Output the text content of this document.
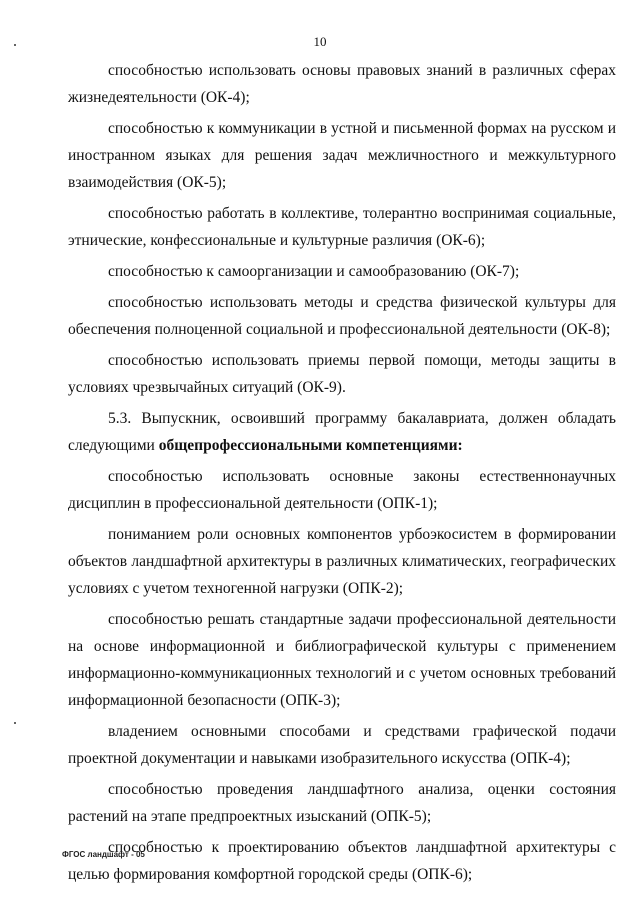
10

способностью использовать основы правовых знаний в различных сферах жизнедеятельности (ОК-4);

способностью к коммуникации в устной и письменной формах на русском и иностранном языках для решения задач межличностного и межкультурного взаимодействия (ОК-5);

способностью работать в коллективе, толерантно воспринимая социальные, этнические, конфессиональные и культурные различия (ОК-6);

способностью к самоорганизации и самообразованию (ОК-7);

способностью использовать методы и средства физической культуры для обеспечения полноценной социальной и профессиональной деятельности (ОК-8);

способностью использовать приемы первой помощи, методы защиты в условиях чрезвычайных ситуаций (ОК-9).

5.3. Выпускник, освоивший программу бакалавриата, должен обладать следующими общепрофессиональными компетенциями:

способностью использовать основные законы естественнонаучных дисциплин в профессиональной деятельности (ОПК-1);

пониманием роли основных компонентов урбоэкосистем в формировании объектов ландшафтной архитектуры в различных климатических, географических условиях с учетом техногенной нагрузки (ОПК-2);

способностью решать стандартные задачи профессиональной деятельности на основе информационной и библиографической культуры с применением информационно-коммуникационных технологий и с учетом основных требований информационной безопасности (ОПК-3);

владением основными способами и средствами графической подачи проектной документации и навыками изобразительного искусства (ОПК-4);

способностью проведения ландшафтного анализа, оценки состояния растений на этапе предпроектных изысканий (ОПК-5);

способностью к проектированию объектов ландшафтной архитектуры с целью формирования комфортной городской среды (ОПК-6);

ФГОС ландшафт - 05
